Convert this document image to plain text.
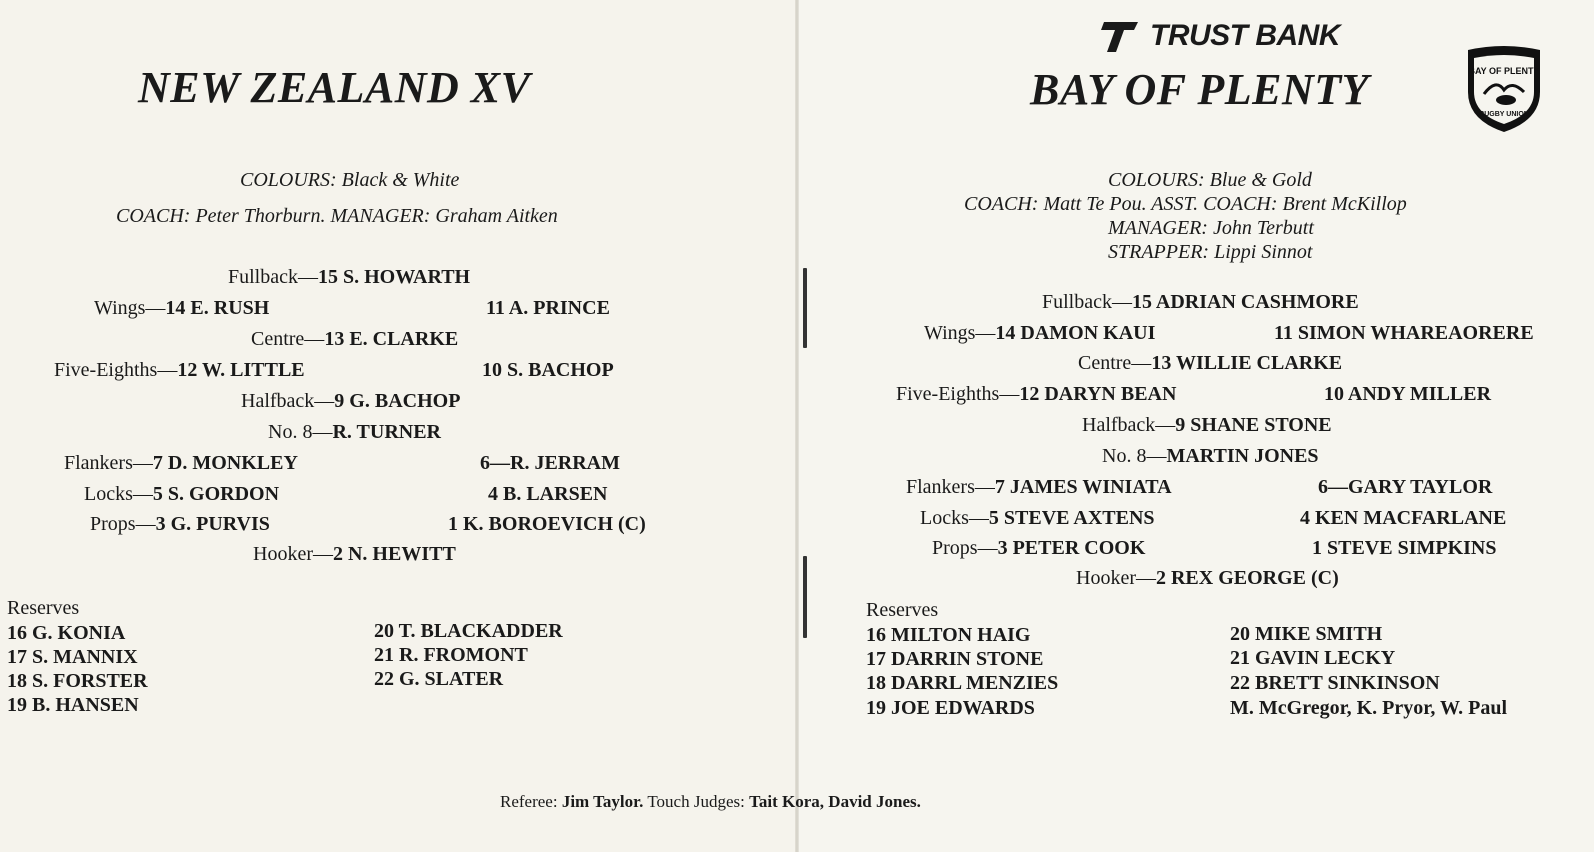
NEW ZEALAND XV
COLOURS: Black & White
COACH: Peter Thorburn. MANAGER: Graham Aitken
Fullback—15 S. HOWARTH
Wings—14 E. RUSH	11 A. PRINCE
Centre—13 E. CLARKE
Five-Eighths—12 W. LITTLE	10 S. BACHOP
Halfback—9 G. BACHOP
No. 8—R. TURNER
Flankers—7 D. MONKLEY	6—R. JERRAM
Locks—5 S. GORDON	4 B. LARSEN
Props—3 G. PURVIS	1 K. BOROEVICH (C)
Hooker—2 N. HEWITT
Reserves
16 G. KONIA
17 S. MANNIX
18 S. FORSTER
19 B. HANSEN
20 T. BLACKADDER
21 R. FROMONT
22 G. SLATER
TRUST BANK
BAY OF PLENTY	BAY OF PLENTY
RUGBY UNION
COLOURS: Blue & Gold
COACH: Matt Te Pou. ASST. COACH: Brent McKillop
MANAGER: John Terbutt
STRAPPER: Lippi Sinnot
Fullback—15 ADRIAN CASHMORE
Wings—14 DAMON KAUI	11 SIMON WHAREAORERE
Centre—13 WILLIE CLARKE
Five-Eighths—12 DARYN BEAN	10 ANDY MILLER
Halfback—9 SHANE STONE
No. 8—MARTIN JONES
Flankers—7 JAMES WINIATA	6—GARY TAYLOR
Locks—5 STEVE AXTENS	4 KEN MACFARLANE
Props—3 PETER COOK	1 STEVE SIMPKINS
Hooker—2 REX GEORGE (C)
Reserves
16 MILTON HAIG
17 DARRIN STONE
18 DARRL MENZIES
19 JOE EDWARDS
20 MIKE SMITH
21 GAVIN LECKY
22 BRETT SINKINSON
M. McGregor, K. Pryor, W. Paul
Referee: Jim Taylor. Touch Judges: Tait Kora, David Jones.
